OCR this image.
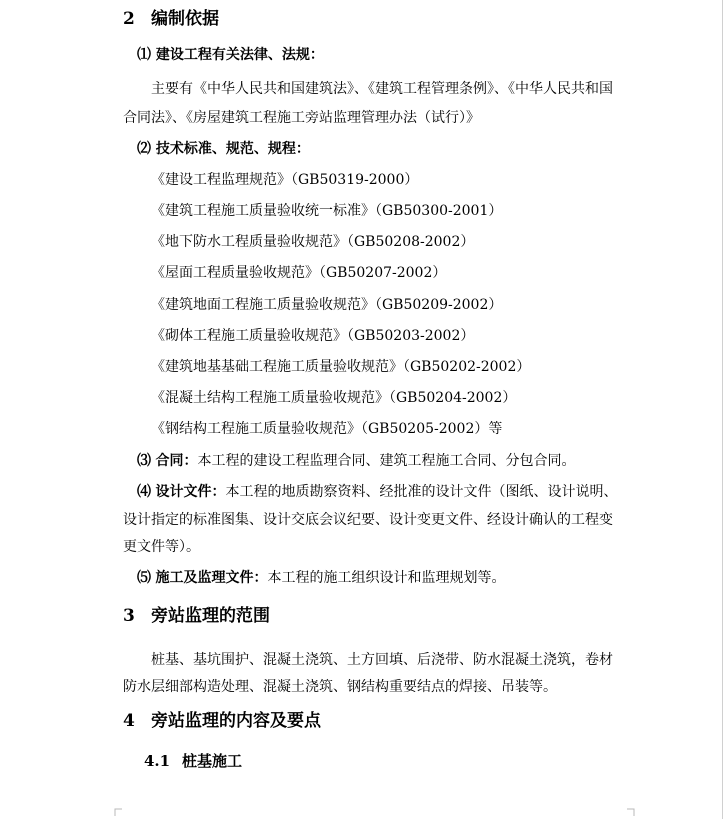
2 编制依据
⑴ 建设工程有关法律、法规：
主要有《中华人民共和国建筑法》、《建筑工程管理条例》、《中华人民共和国
合同法》、《房屋建筑工程施工旁站监理管理办法（试行）》
⑵ 技术标准、规范、规程：
《建设工程监理规范》（GB50319-2000）
《建筑工程施工质量验收统一标准》（GB50300-2001）
《地下防水工程质量验收规范》（GB50208-2002）
《屋面工程质量验收规范》（GB50207-2002）
《建筑地面工程施工质量验收规范》（GB50209-2002）
《砌体工程施工质量验收规范》（GB50203-2002）
《建筑地基基础工程施工质量验收规范》（GB50202-2002）
《混凝土结构工程施工质量验收规范》（GB50204-2002）
《钢结构工程施工质量验收规范》（GB50205-2002）等
⑶ 合同：本工程的建设工程监理合同、建筑工程施工合同、分包合同。
⑷ 设计文件：本工程的地质勘察资料、经批准的设计文件（图纸、设计说明、
设计指定的标准图集、设计交底会议纪要、设计变更文件、经设计确认的工程变
更文件等）。
⑸ 施工及监理文件：本工程的施工组织设计和监理规划等。
3 旁站监理的范围
桩基、基坑围护、混凝土浇筑、土方回填、后浇带、防水混凝土浇筑，卷材
防水层细部构造处理、混凝土浇筑、钢结构重要结点的焊接、吊装等。
4 旁站监理的内容及要点
4.1 桩基施工
